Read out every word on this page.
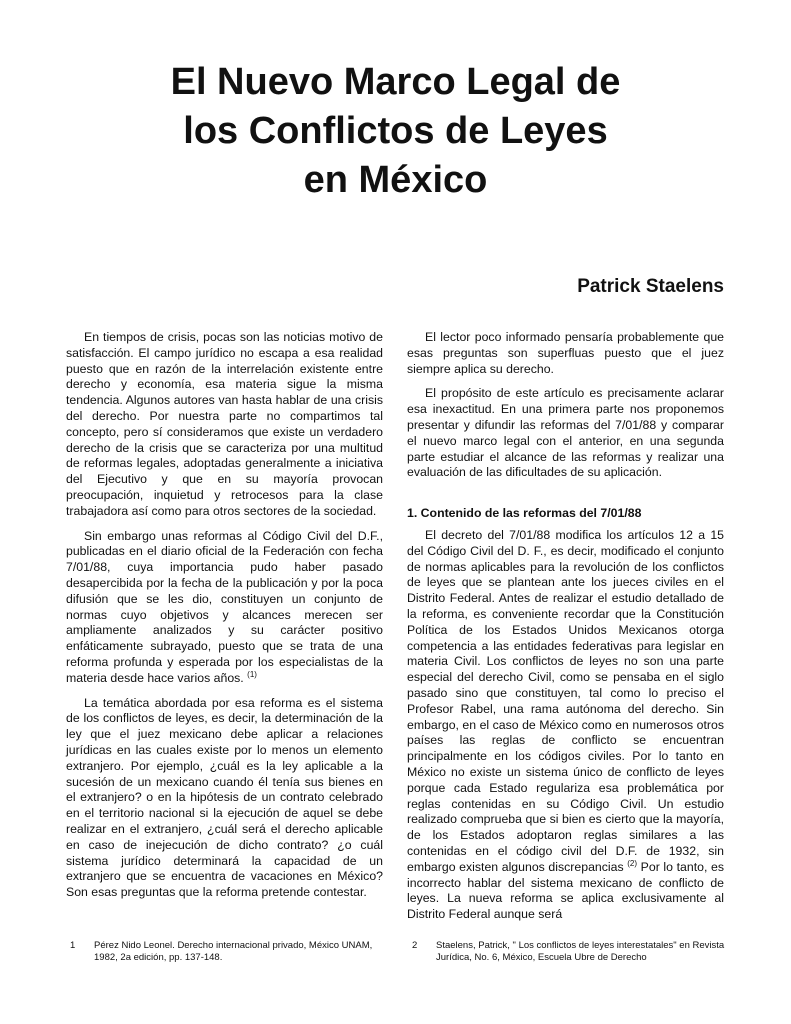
El Nuevo Marco Legal de
los Conflictos de Leyes
en México

Patrick Staelens

En tiempos de crisis, pocas son las noticias motivo de satisfacción. El campo jurídico no escapa a esa realidad puesto que en razón de la interrelación existente entre derecho y economía, esa materia sigue la misma tendencia. Algunos autores van hasta hablar de una crisis del derecho. Por nuestra parte no compartimos tal concepto, pero sí consideramos que existe un verdadero derecho de la crisis que se caracteriza por una multitud de reformas legales, adoptadas generalmente a iniciativa del Ejecutivo y que en su mayoría provocan preocupación, inquietud y retrocesos para la clase trabajadora así como para otros sectores de la sociedad.

Sin embargo unas reformas al Código Civil del D.F., publicadas en el diario oficial de la Federación con fecha 7/01/88, cuya importancia pudo haber pasado desapercibida por la fecha de la publicación y por la poca difusión que se les dio, constituyen un conjunto de normas cuyo objetivos y alcances merecen ser ampliamente analizados y su carácter positivo enfáticamente subrayado, puesto que se trata de una reforma profunda y esperada por los especialistas de la materia desde hace varios años. $^{(1)}$

La temática abordada por esa reforma es el sistema de los conflictos de leyes, es decir, la determinación de la ley que el juez mexicano debe aplicar a relaciones jurídicas en las cuales existe por lo menos un elemento extranjero. Por ejemplo, ¿cuál es la ley aplicable a la sucesión de un mexicano cuando él tenía sus bienes en el extranjero? o en la hipótesis de un contrato celebrado en el territorio nacional si la ejecución de aquel se debe realizar en el extranjero, ¿cuál será el derecho aplicable en caso de inejecución de dicho contrato? ¿o cuál sistema jurídico determinará la capacidad de un extranjero que se encuentra de vacaciones en México? Son esas preguntas que la reforma pretende contestar.

El lector poco informado pensaría probablemente que esas preguntas son superfluas puesto que el juez siempre aplica su derecho.

El propósito de este artículo es precisamente aclarar esa inexactitud. En una primera parte nos proponemos presentar y difundir las reformas del 7/01/88 y comparar el nuevo marco legal con el anterior, en una segunda parte estudiar el alcance de las reformas y realizar una evaluación de las dificultades de su aplicación.

1. Contenido de las reformas del 7/01/88

El decreto del 7/01/88 modifica los artículos 12 a 15 del Código Civil del D. F., es decir, modificado el conjunto de normas aplicables para la revolución de los conflictos de leyes que se plantean ante los jueces civiles en el Distrito Federal. Antes de realizar el estudio detallado de la reforma, es conveniente recordar que la Constitución Política de los Estados Unidos Mexicanos otorga competencia a las entidades federativas para legislar en materia Civil. Los conflictos de leyes no son una parte especial del derecho Civil, como se pensaba en el siglo pasado sino que constituyen, tal como lo preciso el Profesor Rabel, una rama autónoma del derecho. Sin embargo, en el caso de México como en numerosos otros países las reglas de conflicto se encuentran principalmente en los códigos civiles. Por lo tanto en México no existe un sistema único de conflicto de leyes porque cada Estado regulariza esa problemática por reglas contenidas en su Código Civil. Un estudio realizado comprueba que si bien es cierto que la mayoría, de los Estados adoptaron reglas similares a las contenidas en el código civil del D.F. de 1932, sin embargo existen algunos discrepancias $^{(2)}$ Por lo tanto, es incorrecto hablar del sistema mexicano de conflicto de leyes. La nueva reforma se aplica exclusivamente al Distrito Federal aunque será

1	Pérez Nido Leonel. Derecho internacional privado, México UNAM, 1982, 2a edición, pp. 137-148.
2	Staelens, Patrick, " Los conflictos de leyes interestatales" en Revista Jurídica, No. 6, México, Escuela Ubre de Derecho
